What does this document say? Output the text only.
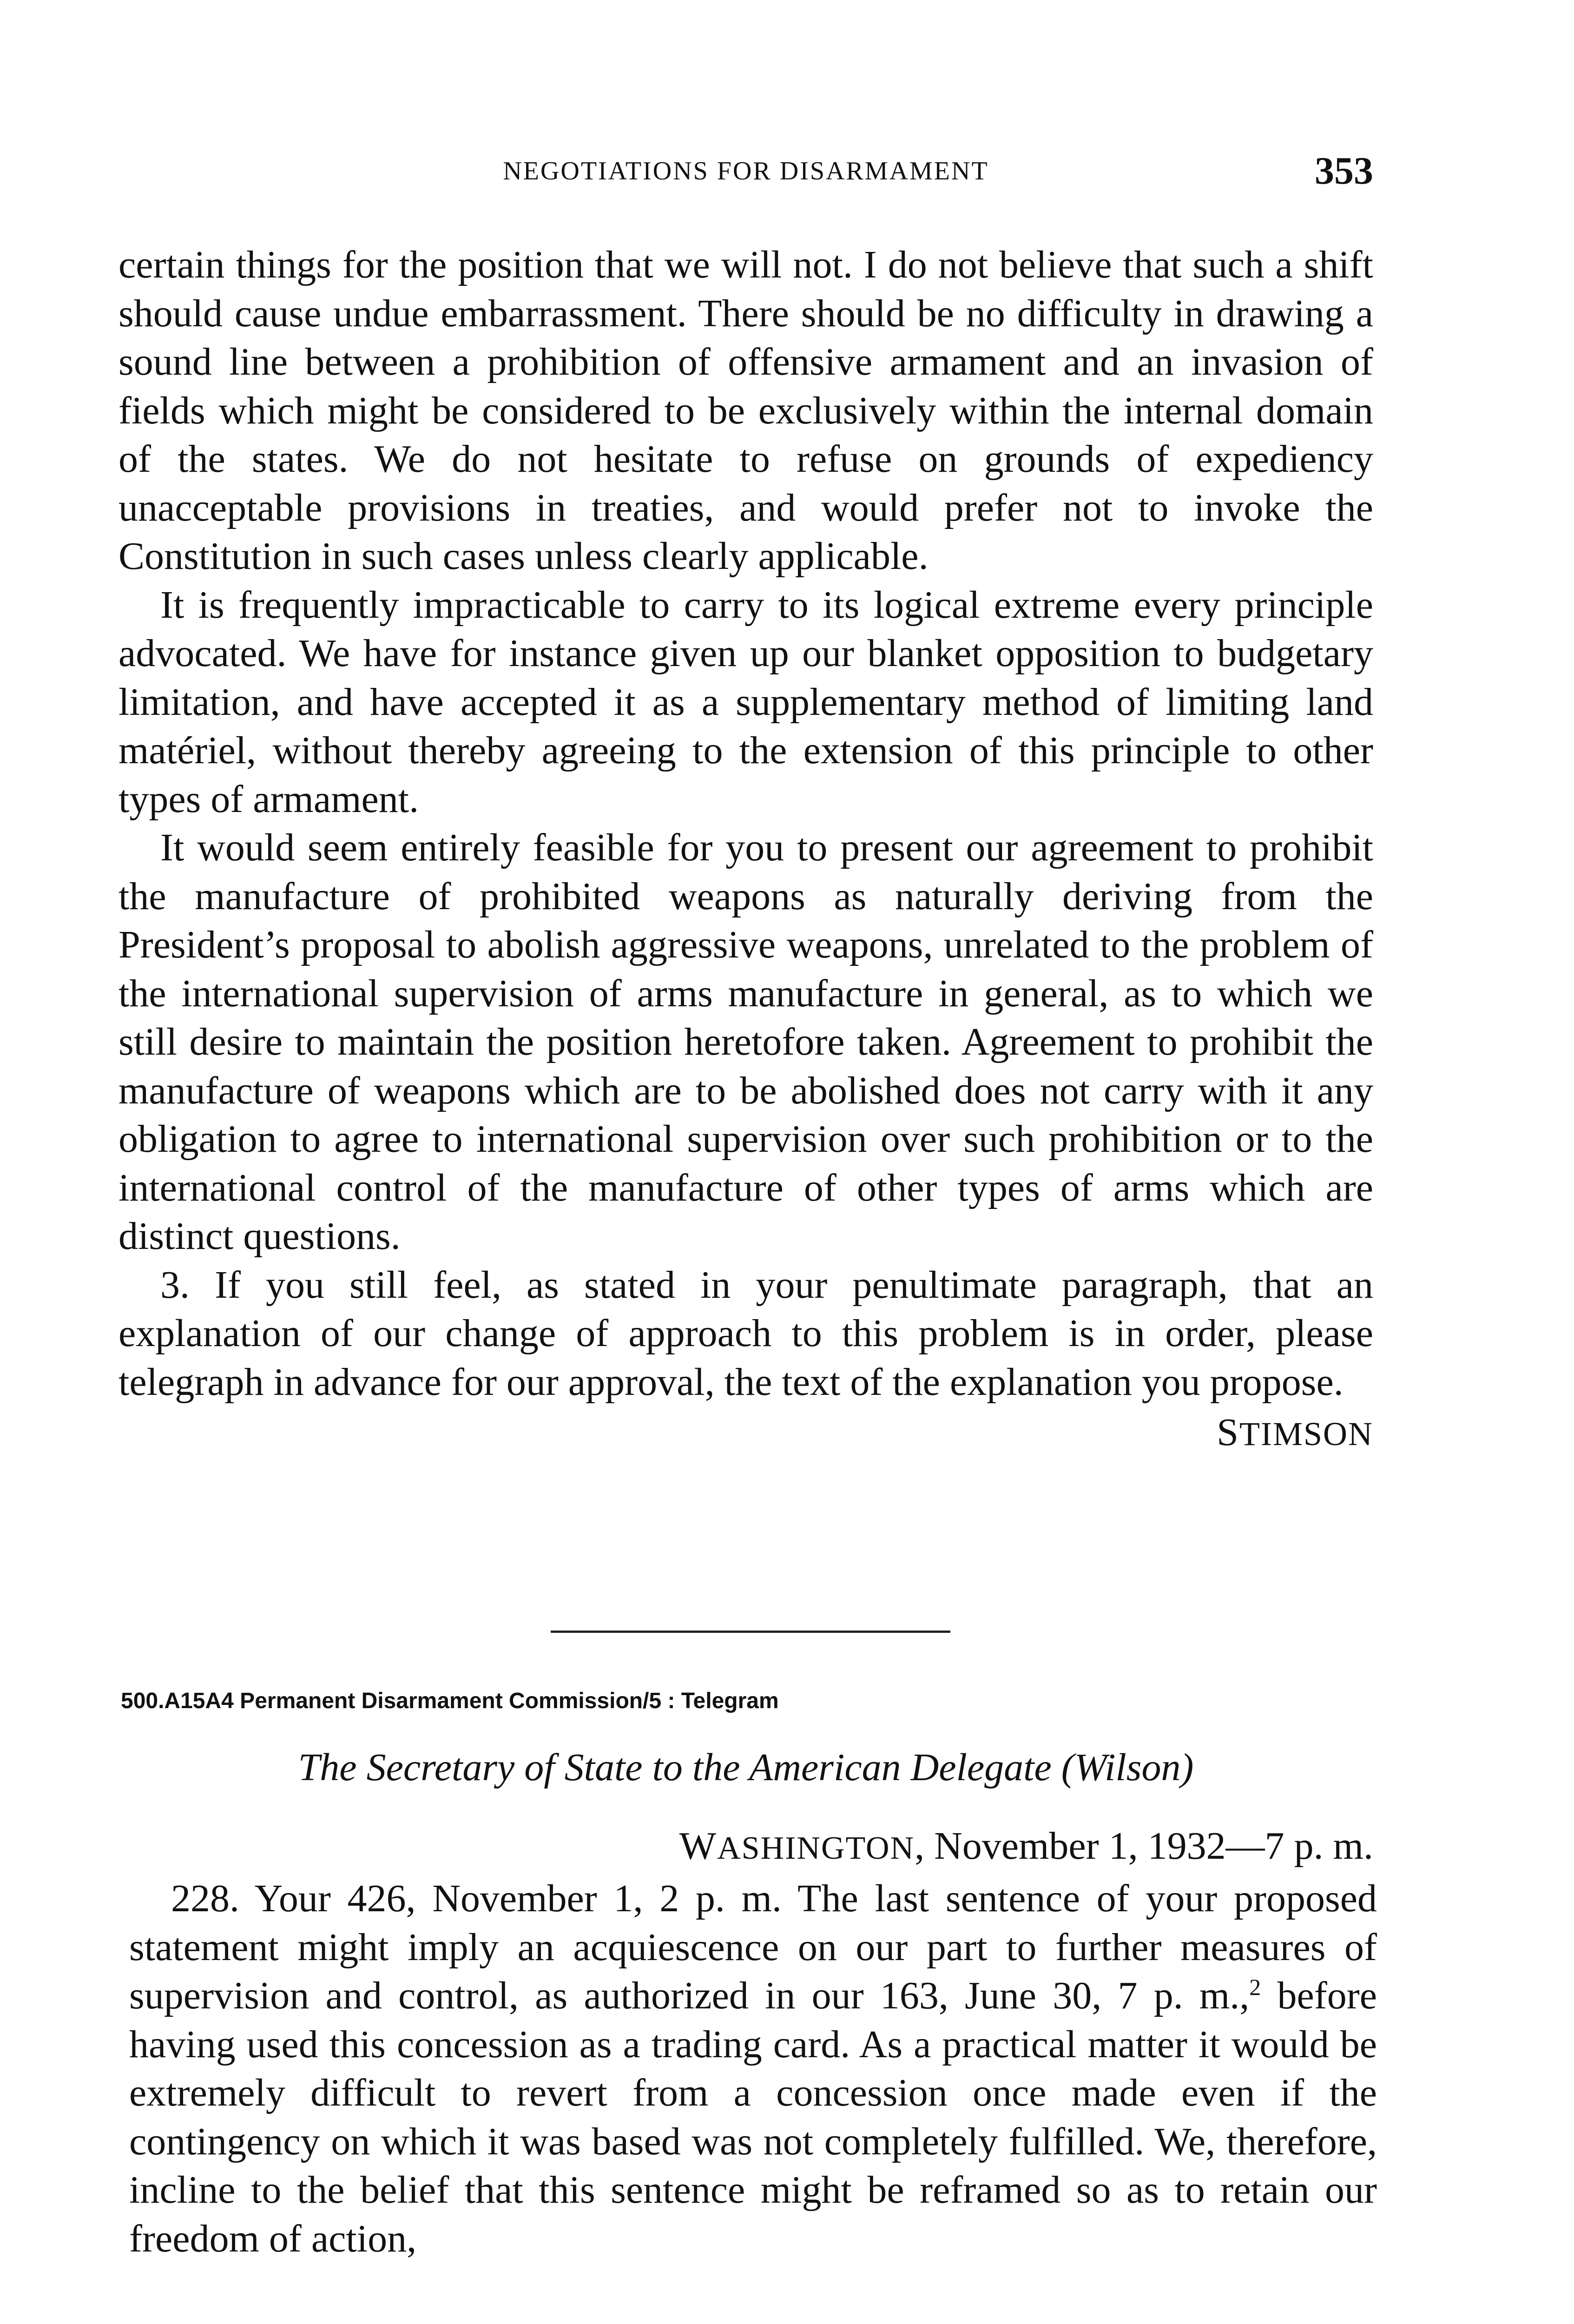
NEGOTIATIONS FOR DISARMAMENT	353

certain things for the position that we will not. I do not believe that such a shift should cause undue embarrassment. There should be no difficulty in drawing a sound line between a prohibition of offensive armament and an invasion of fields which might be considered to be exclusively within the internal domain of the states. We do not hesitate to refuse on grounds of expediency unacceptable provisions in treaties, and would prefer not to invoke the Constitution in such cases unless clearly applicable.

It is frequently impracticable to carry to its logical extreme every principle advocated. We have for instance given up our blanket opposition to budgetary limitation, and have accepted it as a supplementary method of limiting land matériel, without thereby agreeing to the extension of this principle to other types of armament.

It would seem entirely feasible for you to present our agreement to prohibit the manufacture of prohibited weapons as naturally deriving from the President’s proposal to abolish aggressive weapons, unrelated to the problem of the international supervision of arms manufacture in general, as to which we still desire to maintain the position heretofore taken. Agreement to prohibit the manufacture of weapons which are to be abolished does not carry with it any obligation to agree to international supervision over such prohibition or to the international control of the manufacture of other types of arms which are distinct questions.

3. If you still feel, as stated in your penultimate paragraph, that an explanation of our change of approach to this problem is in order, please telegraph in advance for our approval, the text of the explanation you propose.

STIMSON
500.A15A4 Permanent Disarmament Commission/5 : Telegram
The Secretary of State to the American Delegate (Wilson)
WASHINGTON, November 1, 1932—7 p. m.

228. Your 426, November 1, 2 p. m. The last sentence of your proposed statement might imply an acquiescence on our part to further measures of supervision and control, as authorized in our 163, June 30, 7 p. m.,$^2$ before having used this concession as a trading card. As a practical matter it would be extremely difficult to revert from a concession once made even if the contingency on which it was based was not completely fulfilled. We, therefore, incline to the belief that this sentence might be reframed so as to retain our freedom of action,
